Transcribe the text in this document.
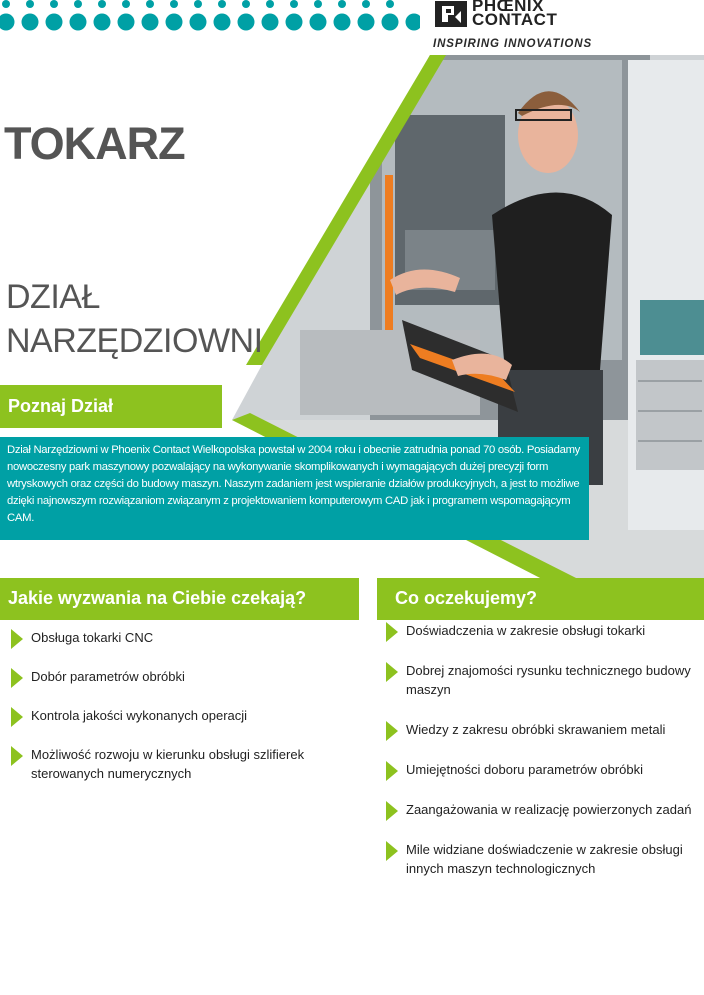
PHŒNIX
CONTACT
INSPIRING INNOVATIONS
TOKARZ
DZIAŁ
NARZĘDZIOWNI
Poznaj Dział
Dział Narzędziowni w Phoenix Contact Wielkopolska powstał w 2004 roku i obecnie zatrudnia ponad 70 osób. Posiadamy nowoczesny park maszynowy pozwalający na wykonywanie skomplikowanych i wymagających dużej precyzji form wtryskowych oraz części do budowy maszyn. Naszym zadaniem jest wspieranie działów produkcyjnych, a jest to możliwe dzięki najnowszym rozwiązaniom związanym z projektowaniem komputerowym CAD jak i programem wspomagającym CAM.
Jakie wyzwania na Ciebie czekają?	Co oczekujemy?
Obsługa tokarki CNC
Dobór parametrów obróbki
Kontrola jakości wykonanych operacji
Możliwość rozwoju w kierunku obsługi szlifierek sterowanych numerycznych
Doświadczenia w zakresie obsługi tokarki
Dobrej znajomości rysunku technicznego budowy maszyn
Wiedzy z zakresu obróbki skrawaniem metali
Umiejętności doboru parametrów obróbki
Zaangażowania w realizację powierzonych zadań
Mile widziane doświadczenie w zakresie obsługi innych maszyn technologicznych
